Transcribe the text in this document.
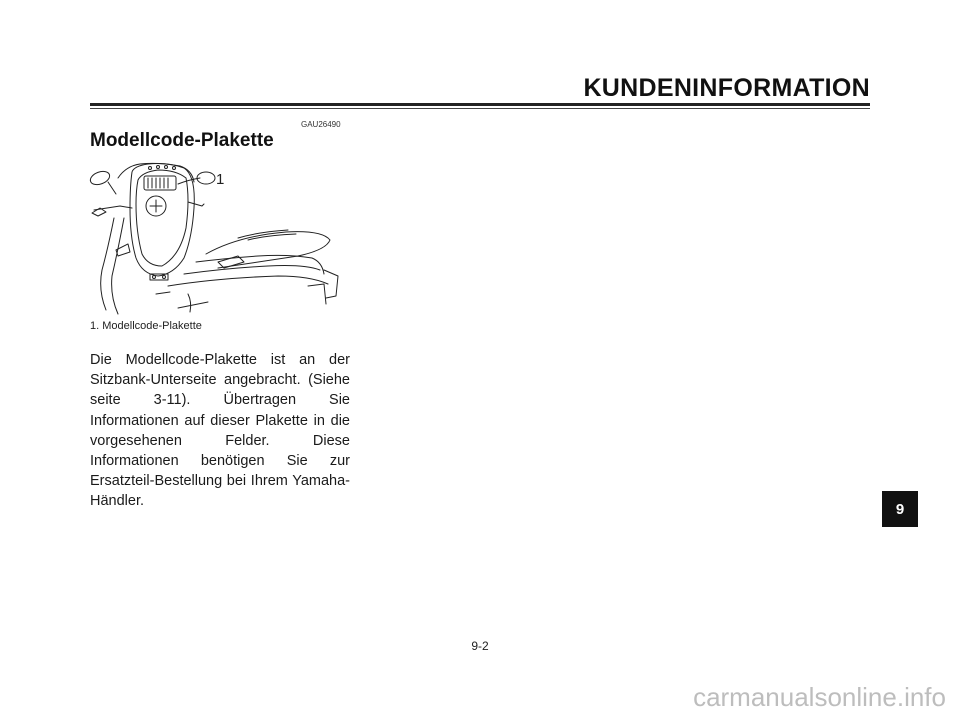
KUNDENINFORMATION
GAU26490
Modellcode-Plakette
1
1. Modellcode-Plakette
Die Modellcode-Plakette ist an der Sitzbank-Unterseite angebracht. (Siehe seite 3-11). Übertragen Sie Informationen auf dieser Plakette in die vorgesehenen Felder. Diese Informationen benötigen Sie zur Ersatzteil-Bestellung bei Ihrem Yamaha-Händler.	9
9-2
carmanualsonline.info
